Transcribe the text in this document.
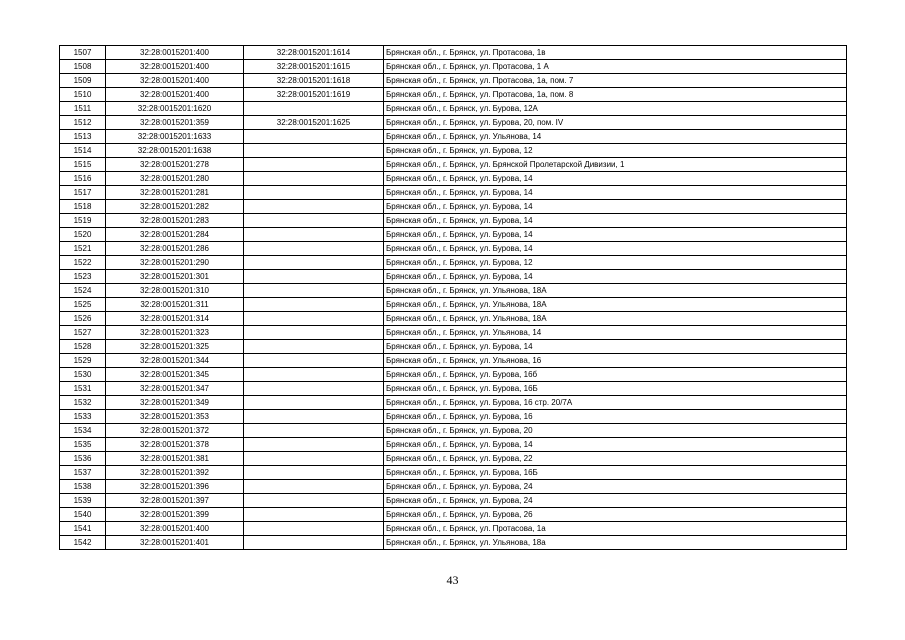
1507	32:28:0015201:400	32:28:0015201:1614	Брянская обл., г. Брянск, ул. Протасова, 1в
1508	32:28:0015201:400	32:28:0015201:1615	Брянская обл., г. Брянск, ул. Протасова, 1 А
1509	32:28:0015201:400	32:28:0015201:1618	Брянская обл., г. Брянск, ул. Протасова, 1а, пом. 7
1510	32:28:0015201:400	32:28:0015201:1619	Брянская обл., г. Брянск, ул. Протасова, 1а, пом. 8
1511	32:28:0015201:1620		Брянская обл., г. Брянск, ул. Бурова, 12А
1512	32:28:0015201:359	32:28:0015201:1625	Брянская обл., г. Брянск, ул. Бурова, 20, пом. IV
1513	32:28:0015201:1633		Брянская обл., г. Брянск, ул. Ульянова, 14
1514	32:28:0015201:1638		Брянская обл., г. Брянск, ул. Бурова, 12
1515	32:28:0015201:278		Брянская обл., г. Брянск, ул. Брянской Пролетарской Дивизии, 1
1516	32:28:0015201:280		Брянская обл., г. Брянск, ул. Бурова, 14
1517	32:28:0015201:281		Брянская обл., г. Брянск, ул. Бурова, 14
1518	32:28:0015201:282		Брянская обл., г. Брянск, ул. Бурова, 14
1519	32:28:0015201:283		Брянская обл., г. Брянск, ул. Бурова, 14
1520	32:28:0015201:284		Брянская обл., г. Брянск, ул. Бурова, 14
1521	32:28:0015201:286		Брянская обл., г. Брянск, ул. Бурова, 14
1522	32:28:0015201:290		Брянская обл., г. Брянск, ул. Бурова, 12
1523	32:28:0015201:301		Брянская обл., г. Брянск, ул. Бурова, 14
1524	32:28:0015201:310		Брянская обл., г. Брянск, ул. Ульянова, 18А
1525	32:28:0015201:311		Брянская обл., г. Брянск, ул. Ульянова, 18А
1526	32:28:0015201:314		Брянская обл., г. Брянск, ул. Ульянова, 18А
1527	32:28:0015201:323		Брянская обл., г. Брянск, ул. Ульянова, 14
1528	32:28:0015201:325		Брянская обл., г. Брянск, ул. Бурова, 14
1529	32:28:0015201:344		Брянская обл., г. Брянск, ул. Ульянова, 16
1530	32:28:0015201:345		Брянская обл., г. Брянск, ул. Бурова, 16б
1531	32:28:0015201:347		Брянская обл., г. Брянск, ул. Бурова, 16Б
1532	32:28:0015201:349		Брянская обл., г. Брянск, ул. Бурова, 16 стр. 20/7А
1533	32:28:0015201:353		Брянская обл., г. Брянск, ул. Бурова, 16
1534	32:28:0015201:372		Брянская обл., г. Брянск, ул. Бурова, 20
1535	32:28:0015201:378		Брянская обл., г. Брянск, ул. Бурова, 14
1536	32:28:0015201:381		Брянская обл., г. Брянск, ул. Бурова, 22
1537	32:28:0015201:392		Брянская обл., г. Брянск, ул. Бурова, 16Б
1538	32:28:0015201:396		Брянская обл., г. Брянск, ул. Бурова, 24
1539	32:28:0015201:397		Брянская обл., г. Брянск, ул. Бурова, 24
1540	32:28:0015201:399		Брянская обл., г. Брянск, ул. Бурова, 26
1541	32:28:0015201:400		Брянская обл., г. Брянск, ул. Протасова, 1а
1542	32:28:0015201:401		Брянская обл., г. Брянск, ул. Ульянова, 18а
43
